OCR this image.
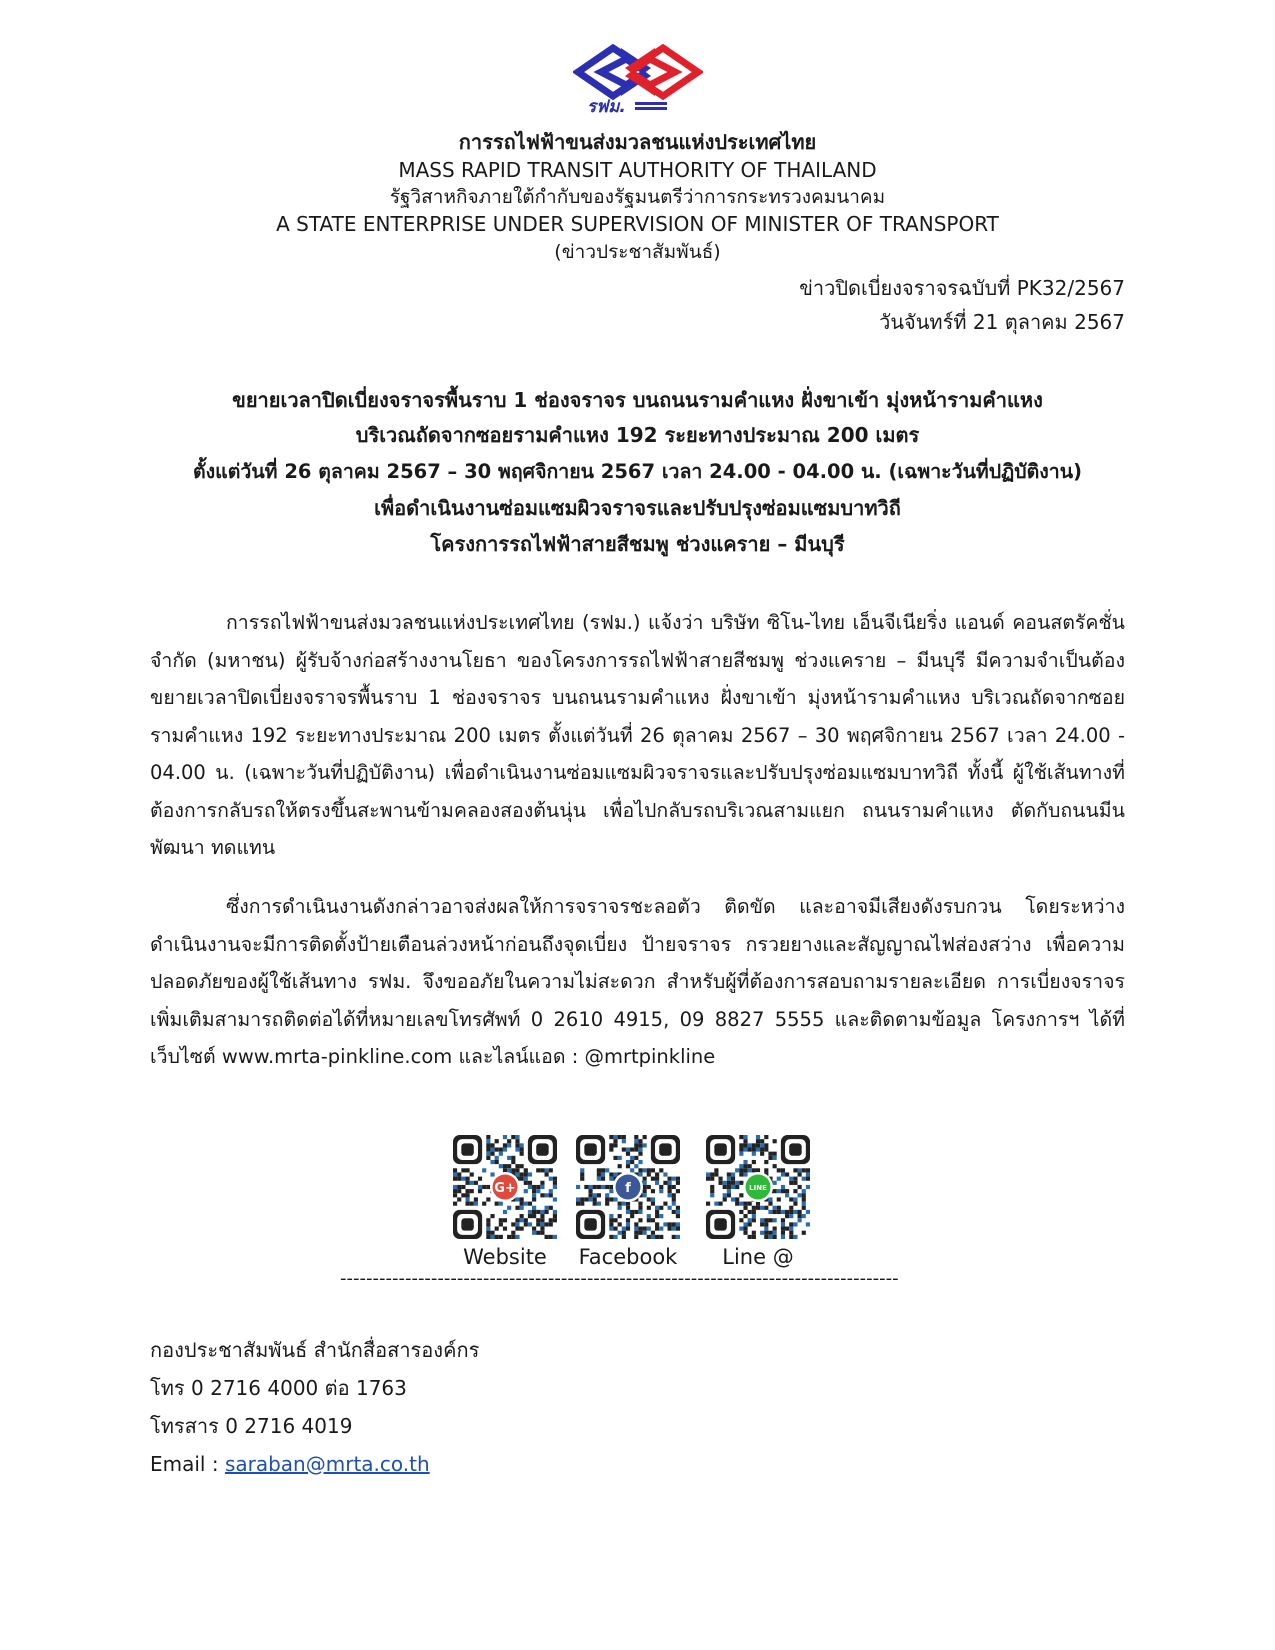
รฟม.
การรถไฟฟ้าขนส่งมวลชนแห่งประเทศไทย
MASS RAPID TRANSIT AUTHORITY OF THAILAND
รัฐวิสาหกิจภายใต้กำกับของรัฐมนตรีว่าการกระทรวงคมนาคม
A STATE ENTERPRISE UNDER SUPERVISION OF MINISTER OF TRANSPORT
(ข่าวประชาสัมพันธ์)
ข่าวปิดเบี่ยงจราจรฉบับที่ PK32/2567
วันจันทร์ที่ 21 ตุลาคม 2567
ขยายเวลาปิดเบี่ยงจราจรพื้นราบ 1 ช่องจราจร บนถนนรามคำแหง ฝั่งขาเข้า มุ่งหน้ารามคำแหง
บริเวณถัดจากซอยรามคำแหง 192 ระยะทางประมาณ 200 เมตร
ตั้งแต่วันที่ 26 ตุลาคม 2567 – 30 พฤศจิกายน 2567 เวลา 24.00 - 04.00 น. (เฉพาะวันที่ปฏิบัติงาน)
เพื่อดำเนินงานซ่อมแซมผิวจราจรและปรับปรุงซ่อมแซมบาทวิถี
โครงการรถไฟฟ้าสายสีชมพู ช่วงแคราย – มีนบุรี
การรถไฟฟ้าขนส่งมวลชนแห่งประเทศไทย (รฟม.) แจ้งว่า บริษัท ซิโน-ไทย เอ็นจีเนียริ่ง แอนด์ คอนสตรัคชั่น จำกัด (มหาชน) ผู้รับจ้างก่อสร้างงานโยธา ของโครงการรถไฟฟ้าสายสีชมพู ช่วงแคราย – มีนบุรี มีความจำเป็นต้องขยายเวลาปิดเบี่ยงจราจรพื้นราบ 1 ช่องจราจร บนถนนรามคำแหง ฝั่งขาเข้า มุ่งหน้ารามคำแหง บริเวณถัดจากซอยรามคำแหง 192 ระยะทางประมาณ 200 เมตร ตั้งแต่วันที่ 26 ตุลาคม 2567 – 30 พฤศจิกายน 2567 เวลา 24.00 - 04.00 น. (เฉพาะวันที่ปฏิบัติงาน) เพื่อดำเนินงานซ่อมแซมผิวจราจรและปรับปรุงซ่อมแซมบาทวิถี ทั้งนี้ ผู้ใช้เส้นทางที่ต้องการกลับรถให้ตรงขึ้นสะพานข้ามคลองสองต้นนุ่น เพื่อไปกลับรถบริเวณสามแยก ถนนรามคำแหง ตัดกับถนนมีนพัฒนา ทดแทน
ซึ่งการดำเนินงานดังกล่าวอาจส่งผลให้การจราจรชะลอตัว ติดขัด และอาจมีเสียงดังรบกวน โดยระหว่าง ดำเนินงานจะมีการติดตั้งป้ายเตือนล่วงหน้าก่อนถึงจุดเบี่ยง ป้ายจราจร กรวยยางและสัญญาณไฟส่องสว่าง เพื่อความปลอดภัยของผู้ใช้เส้นทาง รฟม. จึงขออภัยในความไม่สะดวก สำหรับผู้ที่ต้องการสอบถามรายละเอียด การเบี่ยงจราจรเพิ่มเติมสามารถติดต่อได้ที่หมายเลขโทรศัพท์ 0 2610 4915, 09 8827 5555 และติดตามข้อมูล โครงการฯ ได้ที่เว็บไซต์ www.mrta-pinkline.com และไลน์แอด : @mrtpinkline
G+
Website
f
Facebook
LINE
Line @
--------------------------------------------------------------------------------------
กองประชาสัมพันธ์ สำนักสื่อสารองค์กร
โทร 0 2716 4000 ต่อ 1763
โทรสาร 0 2716 4019
Email : saraban@mrta.co.th
